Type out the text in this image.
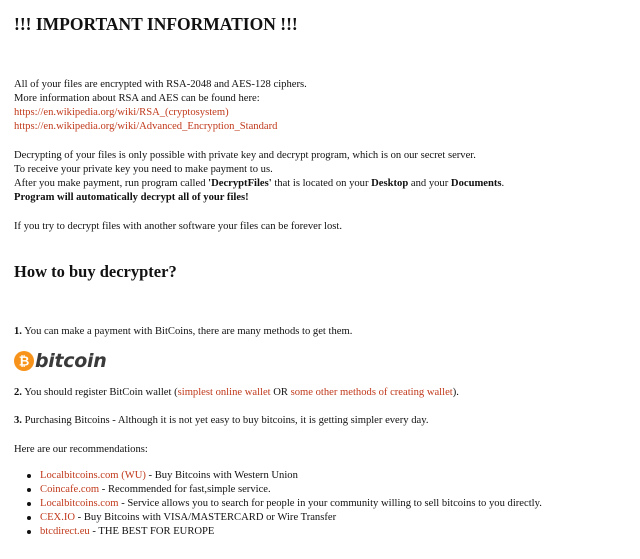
!!! IMPORTANT INFORMATION !!!
All of your files are encrypted with RSA-2048 and AES-128 ciphers.
More information about RSA and AES can be found here:
https://en.wikipedia.org/wiki/RSA_(cryptosystem)
https://en.wikipedia.org/wiki/Advanced_Encryption_Standard
Decrypting of your files is only possible with private key and decrypt program, which is on our secret server.
To receive your private key you need to make payment to us.
After you make payment, run program called 'DecryptFiles' that is located on your Desktop and your Documents.
Program will automatically decrypt all of your files!
If you try to decrypt files with another software your files can be forever lost.
How to buy decrypter?
1. You can make a payment with BitCoins, there are many methods to get them.
₿ bitcoin
2. You should register BitCoin wallet (simplest online wallet OR some other methods of creating wallet).
3. Purchasing Bitcoins - Although it is not yet easy to buy bitcoins, it is getting simpler every day.
Here are our recommendations:
Localbitcoins.com (WU) - Buy Bitcoins with Western Union
Coincafe.com - Recommended for fast,simple service.
Localbitcoins.com - Service allows you to search for people in your community willing to sell bitcoins to you directly.
CEX.IO - Buy Bitcoins with VISA/MASTERCARD or Wire Transfer
btcdirect.eu - THE BEST FOR EUROPE
